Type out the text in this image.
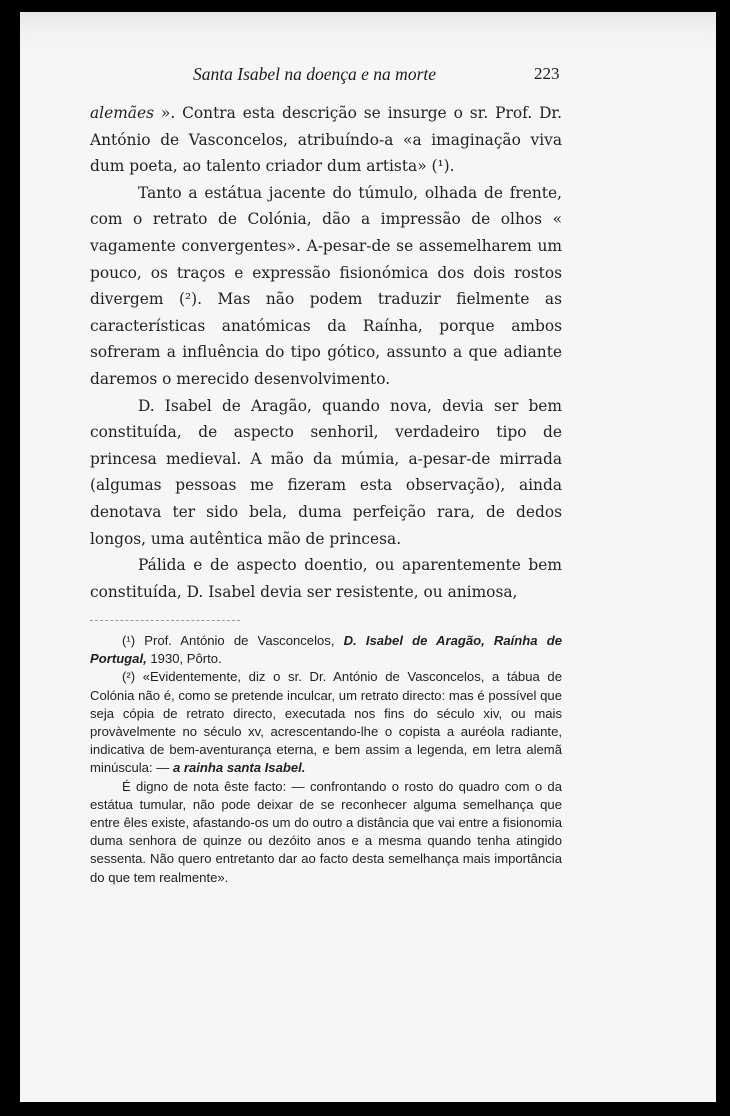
Santa Isabel na doença e na morte	223

alemães ». Contra esta descrição se insurge o sr. Prof. Dr. António de Vasconcelos, atribuíndo-a «a imaginação viva dum poeta, ao talento criador dum artista» (¹).

Tanto a estátua jacente do túmulo, olhada de frente, com o retrato de Colónia, dão a impressão de olhos « vagamente convergentes». A-pesar-de se assemelharem um pouco, os traços e expressão fisionómica dos dois rostos divergem (²). Mas não podem traduzir fielmente as características anatómicas da Raínha, porque ambos sofreram a influência do tipo gótico, assunto a que adiante daremos o merecido desenvolvimento.

D. Isabel de Aragão, quando nova, devia ser bem constituída, de aspecto senhoril, verdadeiro tipo de princesa medieval. A mão da múmia, a-pesar-de mirrada (algumas pessoas me fizeram esta observação), ainda denotava ter sido bela, duma perfeição rara, de dedos longos, uma autêntica mão de princesa.

Pálida e de aspecto doentio, ou aparentemente bem constituída, D. Isabel devia ser resistente, ou animosa,

(¹) Prof. António de Vasconcelos, D. Isabel de Aragão, Raínha de Portugal, 1930, Pôrto.

(²) «Evidentemente, diz o sr. Dr. António de Vasconcelos, a tábua de Colónia não é, como se pretende inculcar, um retrato directo: mas é possível que seja cópia de retrato directo, executada nos fins do século xiv, ou mais provàvelmente no século xv, acrescentando-lhe o copista a auréola radiante, indicativa de bem-aventurança eterna, e bem assim a legenda, em letra alemã minúscula: — a rainha santa Isabel.

É digno de nota êste facto: — confrontando o rosto do quadro com o da estátua tumular, não pode deixar de se reconhecer alguma semelhança que entre êles existe, afastando-os um do outro a distância que vai entre a fisionomia duma senhora de quinze ou dezóito anos e a mesma quando tenha atingido sessenta. Não quero entretanto dar ao facto desta semelhança mais importância do que tem realmente».
